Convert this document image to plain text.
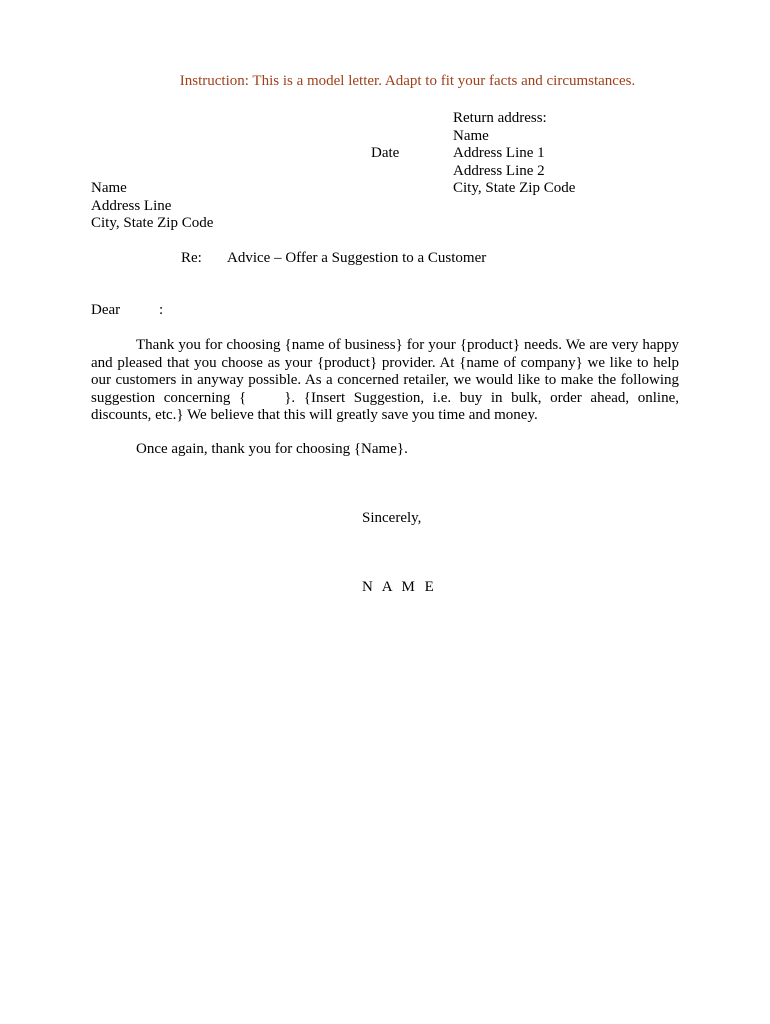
Instruction: This is a model letter. Adapt to fit your facts and circumstances.
Return address:
Name
Address Line 1
Address Line 2
City, State Zip Code
Date
Name
Address Line
City, State Zip Code
Re: Advice – Offer a Suggestion to a Customer
Dear	:
Thank you for choosing {name of business} for your {product} needs. We are very happy and pleased that you choose as your {product} provider. At {name of company} we like to help our customers in anyway possible. As a concerned retailer, we would like to make the following suggestion concerning {	}. {Insert Suggestion, i.e. buy in bulk, order ahead, online, discounts, etc.} We believe that this will greatly save you time and money.
Once again, thank you for choosing {Name}.
Sincerely,
N A M E
